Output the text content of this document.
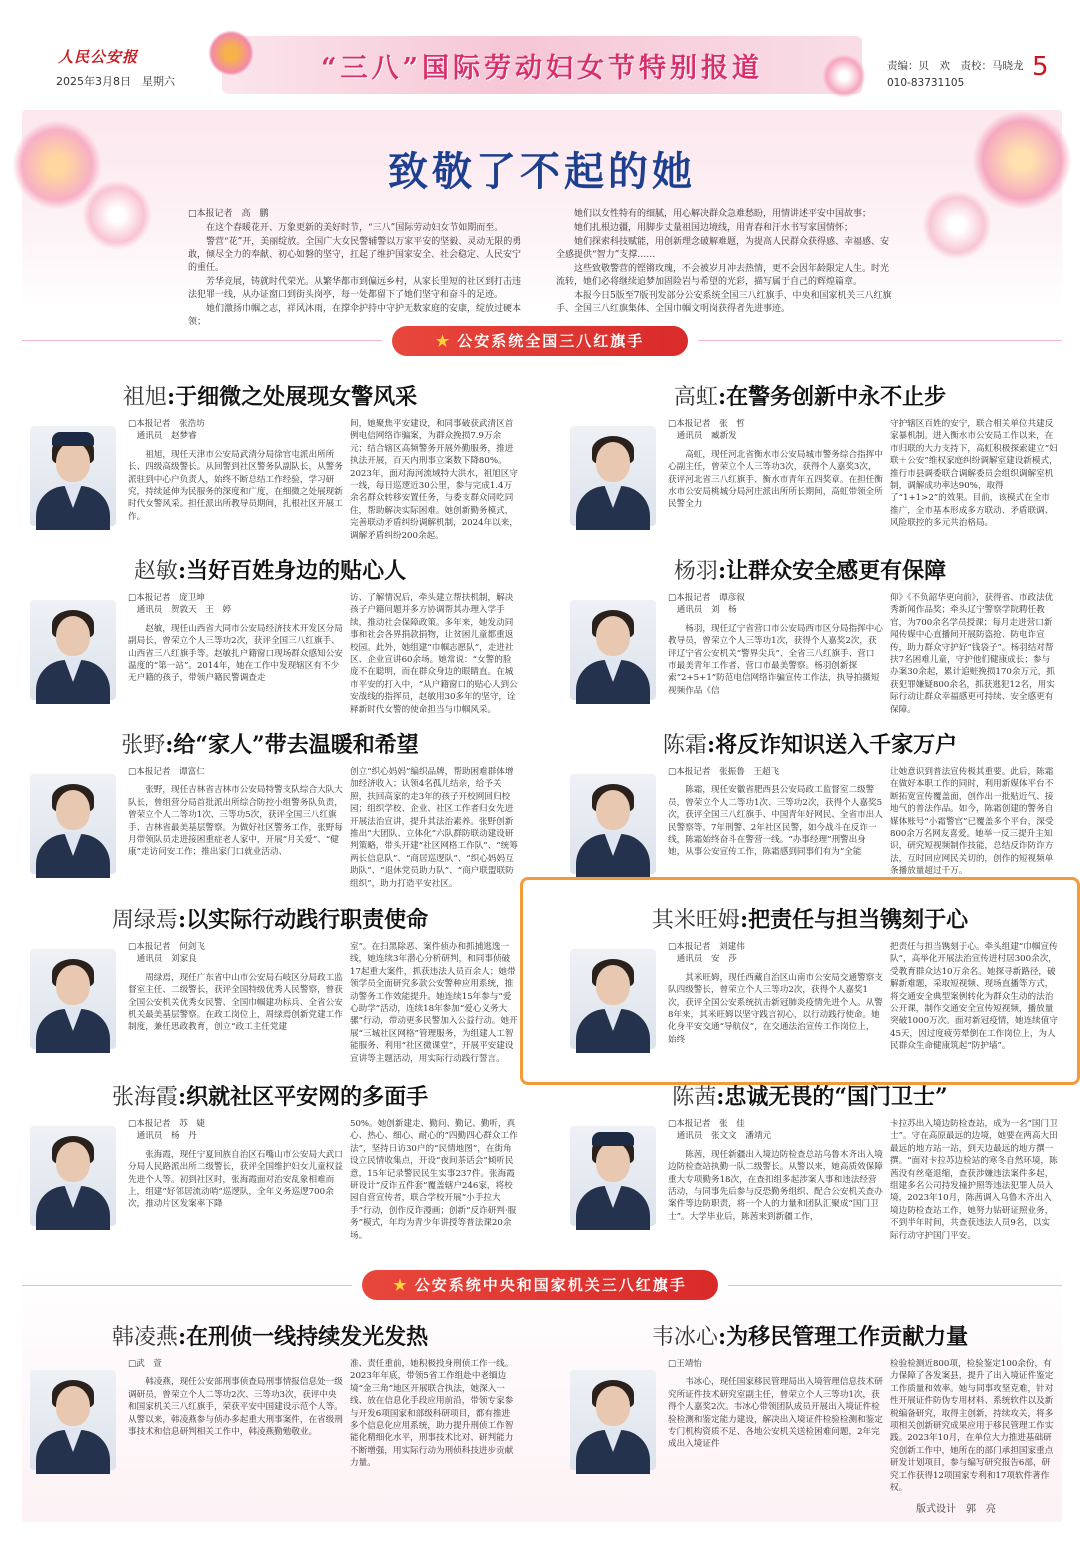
人民公安报
2025年3月8日　星期六	“三八”国际劳动妇女节特别报道	责编：贝　欢　责校：马晓龙
010-83731105
5
致敬了不起的她

□本报记者　高　鹏

在这个春暖花开、万象更新的美好时节，“三八”国际劳动妇女节如期而至。

警营“花”开，美丽绽放。全国广大女民警辅警以万家平安的坚毅、灵动无限的勇敢，倾尽全力的奉献、初心如磐的坚守，扛起了维护国家安全、社会稳定、人民安宁的重任。

芳华竞展，铸就时代荣光。从繁华都市到偏远乡村，从家长里短的社区到打击违法犯罪一线，从办证窗口到街头岗亭，每一处都留下了她们坚守和奋斗的足迹。

她们激扬巾帼之志，祥风沐雨，在撑伞护持中守护无数家庭的安康，绽放过硬本领；

她们以女性特有的细腻，用心解决群众急难愁盼，用情讲述平安中国故事；

她们扎根边疆，用脚步丈量祖国边境线，用青春和汗水书写家国情怀；

她们探索科技赋能，用创新理念破解难题，为提高人民群众获得感、幸福感、安全感提供“智力”支撑……

这些致敬警营的铿锵玫瑰，不会被岁月冲去热情，更不会因年龄限定人生。时光流转，她们必将继续追梦加固险岩与希望的光彩，描写属于自己的辉煌篇章。

本报今日5版至7版刊发部分公安系统全国三八红旗手、中央和国家机关三八红旗手、全国三八红旗集体、全国巾帼文明岗获得者先进事迹。

★ 公安系统全国三八红旗手
祖旭:于细微之处展现女警风采
□本报记者　张浩坊
　通讯员　赵梦睿
祖旭，现任天津市公安局武清分局徐官屯派出所所长、四级高级警长。从回警到社区警务队副队长，从警务派驻到中心户负责人，始终不断总结工作经验，学习研究，持续延伸为民服务的深度和广度，在细微之处展现新时代女警风采。担任派出所教导员期间，扎根社区开展工作。
间，她聚焦平安建设，和同事破获武清区首例电信网络诈骗案，为群众挽损7.9万余元；结合辖区高频警务开展外勤服务，推进执法开展，百天内刑事立案数下降80%。2023年，面对海河流域特大洪水，祖旭区守一线，每日巡逻近30公里，参与完成1.4万余名群众转移安置任务，与委支群众同吃同住，帮助解决实际困难。她创新勤务模式，完善联动矛盾纠纷调解机制，2024年以来，调解矛盾纠纷200余起。
高虹:在警务创新中永不止步
□本报记者　张　哲
　通讯员　臧新发
高虹，现任河北省衡水市公安局城市警务综合指挥中心副主任，曾荣立个人三等功3次，获得个人嘉奖3次，获评河北省三八红旗手、衡水市青年五四奖章。在担任衡水市公安局桃城分局河庄派出所所长期间，高虹带领全所民警全力
守护辖区百姓的安宁，联合相关单位共建反家暴机制。进入衡水市公安局工作以来，在市归联的大力支持下，高虹积极探索建立“妇联＋公安”维权家庭纠纷调解室建设新模式，推行市县调委联合调解委员会组织调解室机制，调解成功率达90%，取得了“1+1>2”的效果。目前，该模式在全市推广，全市基本形成多方联动、矛盾联调、风险联控的多元共治格局。
赵敏:当好百姓身边的贴心人
□本报记者　庞卫坤
　通讯员　贺敦天　王　婷
赵敏，现任山西省大同市公安局经济技术开发区分局副局长，曾荣立个人三等功2次，获评全国三八红旗手、山西省三八红旗手等。赵敏扎户籍窗口现场群众感知公安温度的“第一站”。2014年，她在工作中发现辖区有不少无户籍的孩子，带领户籍民警调查走
访、了解情况后，牵头建立帮扶机制，解决孩子户籍问题并多方协调帮其办理入学手续，推动社会保障政策。多年来，她发动同事和社会各界捐款捐物，让贫困儿童都重返校园。此外，她组建“巾帼志愿队”，走进社区、企业宣讲60余场。她常说：“女警的脸庞不在聪明，而在群众身边的眼睛直。在城市平安的打入中，“从户籍窗口的贴心人到公安战线的指挥员，赵敏用30多年的坚守，诠释新时代女警的使命担当与巾帼风采。
杨羽:让群众安全感更有保障
□本报记者　谭彦叙
　通讯员　刘　杨
杨羽，现任辽宁省营口市公安局西市区分局指挥中心教导员，曾荣立个人三等功1次，获得个人嘉奖2次，获评辽宁省公安机关“警界尖兵”、全省三八红旗手、营口市最美青年工作者、营口市最美警察。杨羽创新探索“2+5+1”防范电信网络诈骗宣传工作法，执导拍摄短视频作品《信
仰》《不负韶华更向前》，获得省、市政法优秀新闻作品奖；牵头辽宁警察学院聘任教官，为700余名学员授课；每月走进营口新闻传媒中心直播间开展防盗抢、防电诈宣传，助力群众守护好“钱袋子”。杨羽结对帮扶7名困难儿童，守护他们健康成长；参与办案30余起，累计追赃挽损170余万元，抓获犯罪嫌疑800余名，抓获逃犯12名，用实际行动让群众幸福感更可持续、安全感更有保障。
张野:给“家人”带去温暖和希望
□本报记者　谭富仁
张野，现任吉林省吉林市公安局特警支队综合大队大队长，曾组营分局首批派出所综合防控小组警务队负责，曾荣立个人二等功1次、三等功5次，获评全国三八红旗手、吉林省最美基层警察。为做好社区警务工作，张野每月带领队员走进接困重症老人家中，开展“月关爱”、“健康”走访问安工作；推出家门口就业活动、
创立“织心妈妈”编织品牌，帮助困难群体增加经济收入；认领4名孤儿结亲，给予关照，扶回高家的走3年的孩子开校网回归校园；组织学校、企业、社区工作者归女先进开展法治宣讲，提升其法治素养。张野创新推出“大团队、立体化”六队群防联动建设研判策略，带头开建“社区网格工作队”、“统筹两长信息队”、“商居巡逻队”、“织心妈妈互助队”、“退休党员助力队”、“商户联盟联防组织”，助力打造平安社区。
陈霜:将反诈知识送入千家万户
□本报记者　张振鲁　王超飞
陈霜，现任安徽省肥西县公安局政工监督室二级警员，曾荣立个人二等功1次、三等功2次，获得个人嘉奖5次，获评全国三八红旗手、中国青年好网民、全省市出人民警察等。7年刑警、2年社区民警，如今战斗在反诈一线，陈霜始终奋斗在警营一线。“办事经理”刑警出身她，从事公安宣传工作，陈霜感到同事们有为“全能
让她意识到普法宣传极其重要。此后，陈霜在做好本职工作的同时，利用新媒体平台不断拓宽宣传覆盖面，创作出一批贴近气、接地气的普法作品。如今，陈霜创建的警务自媒体账号“小霜警官”已覆盖多个平台，深受800余万名网友喜爱。她举一反三提升主知识，研究短视频制作技能，总结反诈防诈方法，互时回应网民关切的，创作的短视频单条播放量超过千万。
周绿焉:以实际行动践行职责使命
□本报记者　何剑飞
　通讯员　刘家良
周绿焉，现任广东省中山市公安局石岐区分局政工监督室主任、二级警长，获评全国特级优秀人民警察，曾获全国公安机关优秀女民警、全国巾帼建功标兵、全省公安机关最美基层警察。在政工岗位上，周绿焉创新党建工作制度，兼任思政教育，创立“政工主任党建
室”。在扫黑除恶、案件侦办和抓捕逃逸一线，她连续3年潜心分析研判，和同事侦破17起重大案件，抓获违法人员百余人；她带领学员全面研究多款公安警种应用系统，推动警务工作效能提升。她连续15年参与“爱心助学”活动，连续18年参加“爱心义务大骡”行动，带动更多民警加入公益行动。她开展“三城社区网格”管理服务，为组建人工智能服务、利用“社区微课堂”，开展平安建设宣讲等主题活动，用实际行动践行誓言。
其米旺姆:把责任与担当镌刻于心
□本报记者　刘建伟
　通讯员　安　莎
其米旺姆，现任西藏自治区山南市公安局交通警察支队四级警长，曾荣立个人三等功2次，获得个人嘉奖1次，获评全国公安系统抗击新冠肺炎疫情先进个人。从警8年来，其米旺姆以坚守践言初心，以行动践行使命。她化身平安交通“导航仪”，在交通法治宣传工作岗位上，始终
把责任与担当镌刻于心。牵头组建“巾帼宣传队”，高举化开展法治宣传进村居300余次，受教育群众达10万余名。她探寻新路径，破解新难题，采取短视频、现场直播等方式，将交通安全典型案例转化为群众生动的法治公开课，制作交通安全宣传短视频，播放量突破1000万次。面对新冠疫情，她连续值守45天，因过度疲劳晕倒在工作岗位上，为人民群众生命健康筑起“防护墙”。
张海霞:织就社区平安网的多面手
□本报记者　苏　婕
　通讯员　杨　丹
张海霞，现任宁夏回族自治区石嘴山市公安局大武口分局人民路派出所二级警长，获评全国维护妇女儿童权益先进个人等。初到社区时，张海霞面对治安乱象相难而上，组建“好邻居流动哨”巡逻队，全年义务巡逻700余次，推动片区发案率下降
50%。她创新建走、勤问、勤记、勤听，真心、热心、细心、耐心的“四勤四心群众工作法”，坚持日访30户的“民情地图”，在街角设立民情收集点，开设“夜间茶话会”倾听民意，15年记录警民民生实事237件。张海霞研设计“反诈五件套”覆盖辖户246家，将校园自营宣传者，联合学校开展“小手拉大手”行动，创作反诈漫画；创新“反诈研判·服务”模式，年均为青少年讲授等普法课20余场。
陈茜:忠诚无畏的“国门卫士”
□本报记者　张　佳
　通讯员　张文文　潘靖元
陈茜，现任新疆出入境边防检查总站乌鲁木齐出入境边防检查站执勤一队二级警长。从警以来，她高质效保障重大专项勤务18次，在查扣组多起涉案人事和违法经营活动，与同事先后参与反恐勤务组织、配合公安机关查办案件等边防职责，将一个人的力量和团队汇聚成“国门卫士”。大学毕业后，陈茜来到新疆工作，
卡拉苏出入境边防检查站，成为一名“国门卫士”。守在高原最远的边境，她要在两高大田最远的地方站一站，到天边最远的地方撰一撰。“面对卡拉苏边检站的寒冬自然环境，陈茜没有丝毫退缩，查获涉嫌违法案件多起，组建多名公司持发撞护照等违法犯罪人员入境，2023年10月，陈茜调入乌鲁木齐出入境边防检查站工作，她努力钻研证照业务，不到半年时间，共查获违法人员9名，以实际行动守护国门平安。
★ 公安系统中央和国家机关三八红旗手
韩凌燕:在刑侦一线持续发光发热
□武　萱
韩凌燕，现任公安部刑事侦查局刑事情报信息处一级调研员，曾荣立个人二等功2次、三等功3次，获评中央和国家机关三八红旗手，荣获平安中国建设示范个人等。从警以来，韩凌燕参与侦办多起重大刑事案件，在省级刑事技术和信息研判相关工作中，韩凌燕勤勉敬业。
准、责任重前，她积极投身刑侦工作一线。2023年年底，带领5省工作组赴中老缅边境“金三角”地区开展联合执法，她深入一线、放在信息化手段应用前沿，带领专家参与开发6项国家和部级科研项目，都有推进多个信息化应用系统，助力提升刑侦工作智能化精细化水平，刑事技术比对、研判能力不断增强，用实际行动为刑侦科技进步贡献力量。
韦冰心:为移民管理工作贡献力量
□王靖怡
韦冰心，现任国家移民管理局出入境管理信息技术研究所证件技术研究室副主任，曾荣立个人三等功1次，获得个人嘉奖2次。韦冰心带领团队成员开展出入境证件检验检测和鉴定能力建设，解决出入境证件检验检测和鉴定专门机构资质不足、各地公安机关送检困难问题，2年完成出入境证件
检验检测近800项，检验鉴定100余份，有力保障了各发案县，提升了出入境证件鉴定工作质量和效率。她与同事攻坚克难，针对性开展证件防伪专用材料、系统软件以及新税编备研究，取得主创新，持续攻关，将多项相关创新研究成果应用于移民管理工作实践。2023年10月，在单位大力推进基础研究创新工作中，她所在的部门承担国家重点研发计划项目，参与编写研究报告6部，研究工作获得12项国家专利和17项软件著作权。
版式设计　郭　亮
